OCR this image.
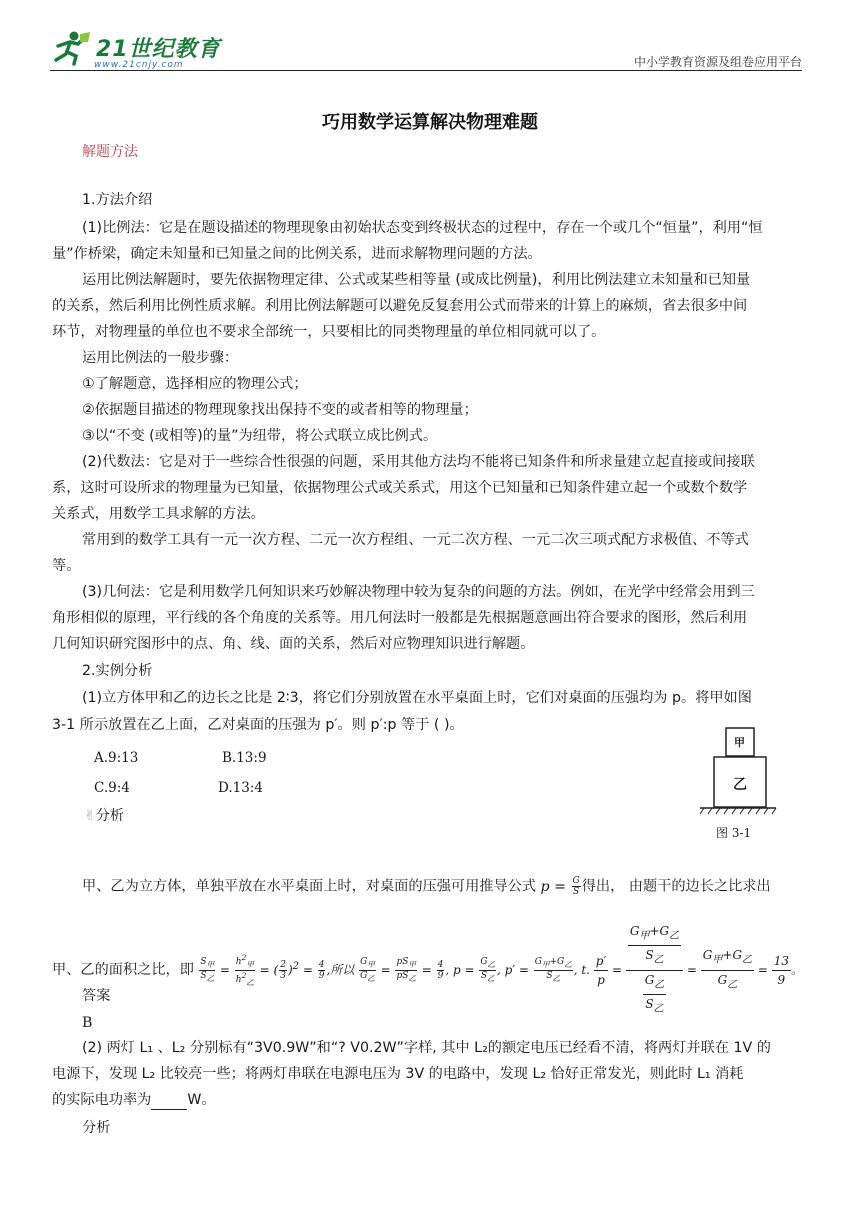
21世纪教育
www.21cnjy.com	中小学教育资源及组卷应用平台
巧用数学运算解决物理难题
解题方法
1.方法介绍
(1)比例法：它是在题设描述的物理现象由初始状态变到终极状态的过程中，存在一个或几个“恒量”，利用“恒
量”作桥梁，确定未知量和已知量之间的比例关系，进而求解物理问题的方法。
运用比例法解题时，要先依据物理定律、公式或某些相等量 (或成比例量)，利用比例法建立未知量和已知量
的关系，然后利用比例性质求解。利用比例法解题可以避免反复套用公式而带来的计算上的麻烦，省去很多中间
环节，对物理量的单位也不要求全部统一，只要相比的同类物理量的单位相同就可以了。
运用比例法的一般步骤：
①了解题意，选择相应的物理公式；
②依据题目描述的物理现象找出保持不变的或者相等的物理量；
③以“不变 (或相等)的量”为纽带，将公式联立成比例式。
(2)代数法：它是对于一些综合性很强的问题，采用其他方法均不能将已知条件和所求量建立起直接或间接联
系，这时可设所求的物理量为已知量，依据物理公式或关系式，用这个已知量和已知条件建立起一个或数个数学
关系式，用数学工具求解的方法。
常用到的数学工具有一元一次方程、二元一次方程组、一元二次方程、一元二次三项式配方求极值、不等式
等。
(3)几何法：它是利用数学几何知识来巧妙解决物理中较为复杂的问题的方法。例如，在光学中经常会用到三
角形相似的原理，平行线的各个角度的关系等。用几何法时一般都是先根据题意画出符合要求的图形，然后利用
几何知识研究图形中的点、角、线、面的关系，然后对应物理知识进行解题。
2.实例分析
(1)立方体甲和乙的边长之比是 2∶3，将它们分别放置在水平桌面上时，它们对桌面的压强均为 p。将甲如图
3-1 所示放置在乙上面，乙对桌面的压强为 p′。则 p′:p 等于 ( )。
A.9:13	B.13:9
C.9:4	D.13:4
✌分析
甲
乙
图 3-1
甲、乙为立方体，单独平放在水平桌面上时，对桌面的压强可用推导公式 $p = \frac{G}{S}$ 得出， 由题干的边长之比求出
甲、乙的面积之比，即 $\frac{S_甲}{S_乙} = \frac{h^2_甲}{h^2_乙}$ = ( $\frac{2}{3} )^2 = \frac{4}{9}$ ,所以 $\frac{G_甲}{G_乙} = \frac{pS_甲}{pS_乙} = \frac{4}{9}$ , $p = \frac{G_乙}{S_乙}$ , $p' = \frac{G_甲+G_乙}{S_乙}$ , t. $\frac{p'}{p}$ =
$G_甲+G_乙$
$S_乙$
$G_乙$
$S_乙$
=
$G_甲+G_乙$
$G_乙$
= $\frac{13}{9}$ 。
答案
B
(2) 两灯 L₁ 、L₂ 分别标有“3V0.9W”和“? V0.2W”字样, 其中 L₂的额定电压已经看不清，将两灯并联在 1V 的
电源下，发现 L₂ 比较亮一些；将两灯串联在电源电压为 3V 的电路中，发现 L₂ 恰好正常发光，则此时 L₁ 消耗
的实际电功率为	W。
分析
